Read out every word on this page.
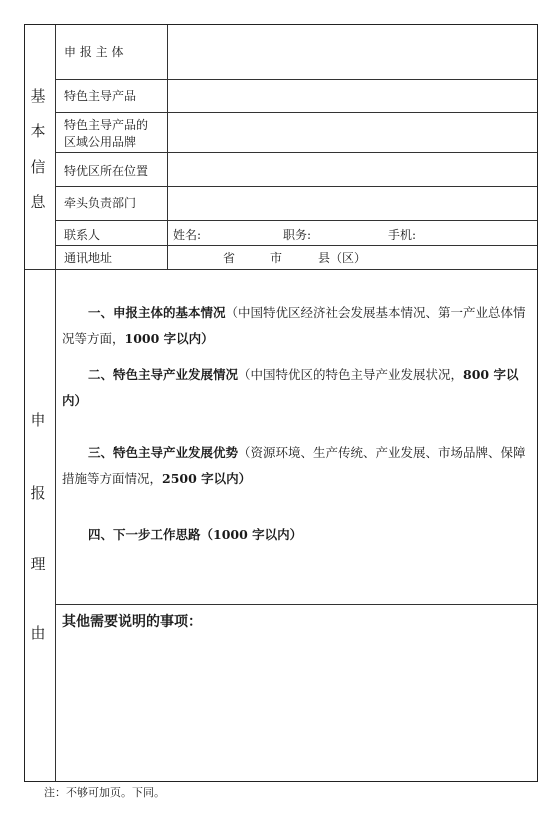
基
本
信
息
申 报 主 体
特色主导产品
特色主导产品的
区域公用品牌
特优区所在位置
牵头负责部门
联系人	姓名:	职务:	手机:
通讯地址	省	市	县（区）
申
报
理
由
一、申报主体的基本情况（中国特优区经济社会发展基本情况、第一产业总体情况等方面，1000 字以内）
二、特色主导产业发展情况（中国特优区的特色主导产业发展状况，800 字以内）
三、特色主导产业发展优势（资源环境、生产传统、产业发展、市场品牌、保障措施等方面情况，2500 字以内）
四、下一步工作思路（1000 字以内）
其他需要说明的事项：
注：不够可加页。下同。
